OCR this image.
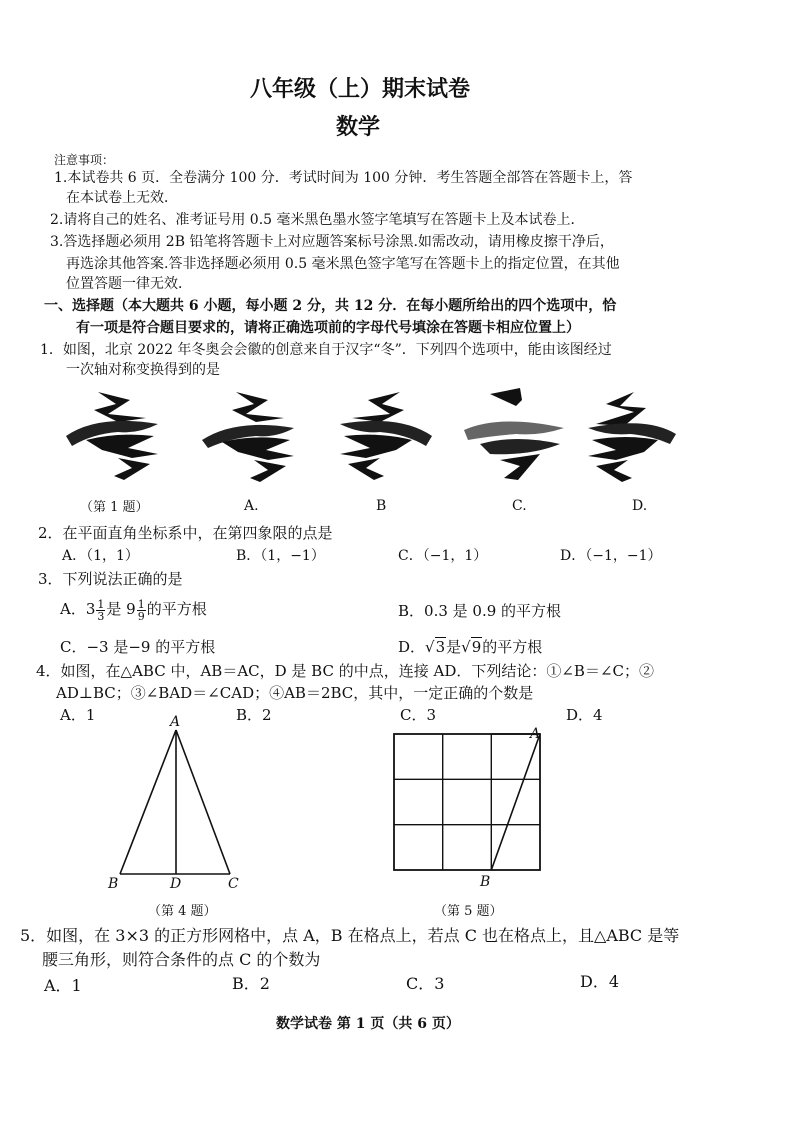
八年级（上）期末试卷
数学
注意事项：
1.本试卷共 6 页．全卷满分 100 分．考试时间为 100 分钟．考生答题全部答在答题卡上，答
在本试卷上无效．
2.请将自己的姓名、准考证号用 0.5 毫米黑色墨水签字笔填写在答题卡上及本试卷上．
3.答选择题必须用 2B 铅笔将答题卡上对应题答案标号涂黑.如需改动，请用橡皮擦干净后，
再选涂其他答案.答非选择题必须用 0.5 毫米黑色签字笔写在答题卡上的指定位置，在其他
位置答题一律无效．
一、选择题（本大题共 6 小题，每小题 2 分，共 12 分．在每小题所给出的四个选项中，恰
有一项是符合题目要求的，请将正确选项前的字母代号填涂在答题卡相应位置上）
1．如图，北京 2022 年冬奥会会徽的创意来自于汉字“冬”．下列四个选项中，能由该图经过
一次轴对称变换得到的是
（第 1 题）	A.	B	C.	D.
2．在平面直角坐标系中，在第四象限的点是
A．（1，1）	B．（1，−1）	C．（−1，1）	D．（−1，−1）
3．下列说法正确的是
A．$3 \frac{1}{3}$ 是 $9 \frac{1}{9}$ 的平方根	B．0.3 是 0.9 的平方根
C．−3 是−9 的平方根	D．√3是√9的平方根
4．如图，在△ABC 中，AB＝AC，D 是 BC 的中点，连接 AD．下列结论：①∠B＝∠C；②
AD⊥BC；③∠BAD＝∠CAD；④AB＝2BC，其中，一定正确的个数是
A．1	B．2	C．3	D．4
A
B	D	C
（第 4 题）
A
B
（第 5 题）
5．如图，在 3×3 的正方形网格中，点 A，B 在格点上，若点 C 也在格点上，且△ABC 是等
腰三角形，则符合条件的点 C 的个数为
A．1	B．2	C．3	D．4
数学试卷 第 1 页（共 6 页）
